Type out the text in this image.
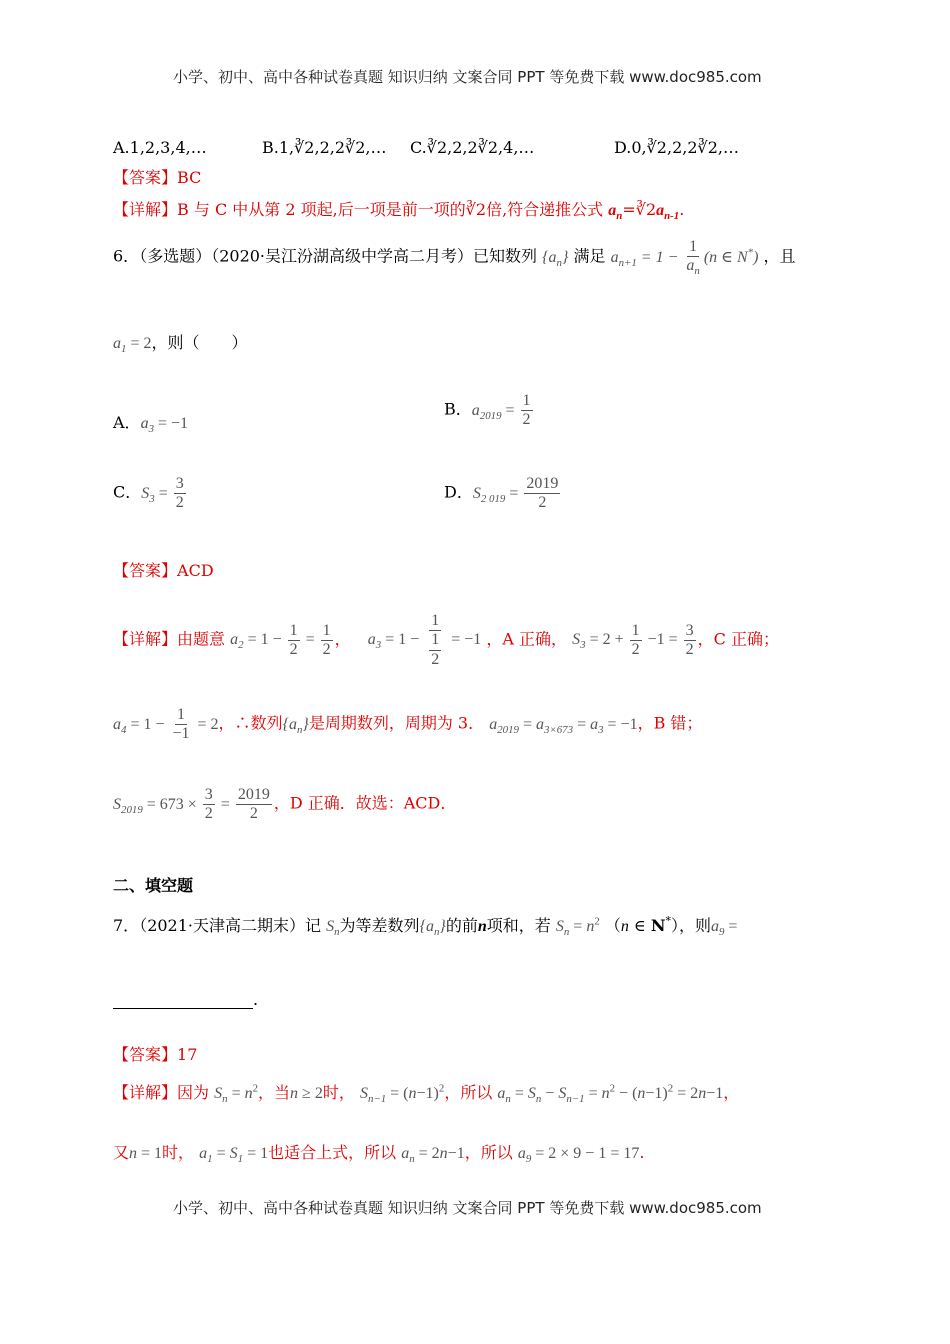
小学、初中、高中各种试卷真题 知识归纳 文案合同 PPT 等免费下载 www.doc985.com
A.1,2,3,4,…	B.1,∛2,2,2∛2,… C.∛2,2,2∛2,4,…	D.0,∛2,2,2∛2,…
【答案】BC
【详解】B 与 C 中从第 2 项起,后一项是前一项的∛2倍,符合递推公式 $a_n=∛2a_{n-1}$.
6．（多选题）（2020·吴江汾湖高级中学高二月考）已知数列 $\{a_n\}$ 满足 $a_{n+1} = 1 - \frac{1}{a_n} (n$ ∈ N*) ，且
$a_1 = 2$，则（　　）
A．$a_3 = -1$
B．$a_{2019} = \frac{1}{2}$
C．$S_3 = \frac{3}{2}$	D．$S_{2 019} = \frac{2019}{2}$
【答案】ACD
【详解】由题意 $a_2 = 1 - \frac{1}{2} = \frac{1}{2}$ ， $a_3 = 1 - \frac{1}{\frac{1}{2}} = -1$ ，A 正确， $S_3 = 2 + \frac{1}{2} -1 = \frac{3}{2}$ ，C 正确；
$a_4 = 1 - \frac{1}{-1} = 2$，∴数列$\{a_n\}$是周期数列，周期为 3． $a_{2019} = a_{3\times 673} = a_3 = -1$，B 错；
$S_{2019} = 673 \times \frac{3}{2} = \frac{2019}{2}$ ，D 正确．故选：ACD．
二、填空题
7．（2021·天津高二期末）记 $S_n$为等差数列$\{a_n\}$的前n项和，若 $S_n = n^2$ （n ∈ N*），则$a_9$ =
.
【答案】17
【详解】因为 $S_n = n^2$，当n ≥ 2时， $S_{n-1} = (n-1)^2$，所以 $a_n = S_n - S_{n-1} = n^2 - (n-1)^2 = 2n-1$，
又n = 1时， $a_1 = S_1 = 1$也适合上式，所以 $a_n = 2n-1$，所以 $a_9 = 2 \times 9 - 1 = 17$.
小学、初中、高中各种试卷真题 知识归纳 文案合同 PPT 等免费下载 www.doc985.com
